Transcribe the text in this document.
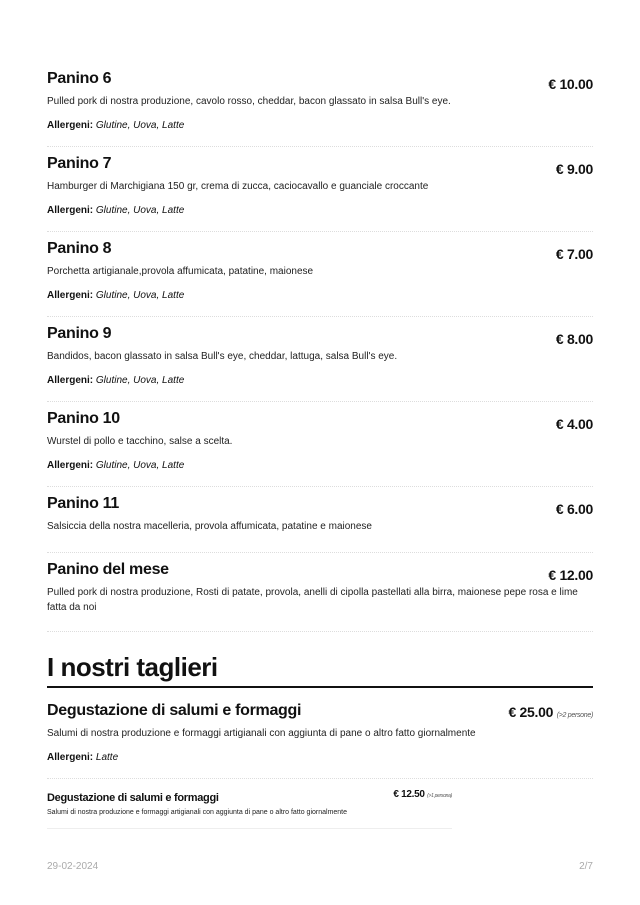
Panino 6	€ 10.00
Pulled pork di nostra produzione, cavolo rosso, cheddar, bacon glassato in salsa Bull's eye.
Allergeni: Glutine, Uova, Latte
Panino 7	€ 9.00
Hamburger di Marchigiana 150 gr, crema di zucca, caciocavallo e guanciale croccante
Allergeni: Glutine, Uova, Latte
Panino 8	€ 7.00
Porchetta artigianale,provola affumicata, patatine, maionese
Allergeni: Glutine, Uova, Latte
Panino 9	€ 8.00
Bandidos, bacon glassato in salsa Bull's eye, cheddar, lattuga, salsa Bull's eye.
Allergeni: Glutine, Uova, Latte
Panino 10	€ 4.00
Wurstel di pollo e tacchino, salse a scelta.
Allergeni: Glutine, Uova, Latte
Panino 11	€ 6.00
Salsiccia della nostra macelleria, provola affumicata, patatine e maionese
Panino del mese	€ 12.00
Pulled pork di nostra produzione, Rosti di patate, provola, anelli di cipolla pastellati alla birra, maionese pepe rosa e lime fatta da noi
I nostri taglieri
Degustazione di salumi e formaggi	€ 25.00 (>2 persone)
Salumi di nostra produzione e formaggi artigianali con aggiunta di pane o altro fatto giornalmente
Allergeni: Latte
Degustazione di salumi e formaggi	€ 12.50 (>1 persona)
Salumi di nostra produzione e formaggi artigianali con aggiunta di pane o altro fatto giornalmente
29-02-2024	2/7
